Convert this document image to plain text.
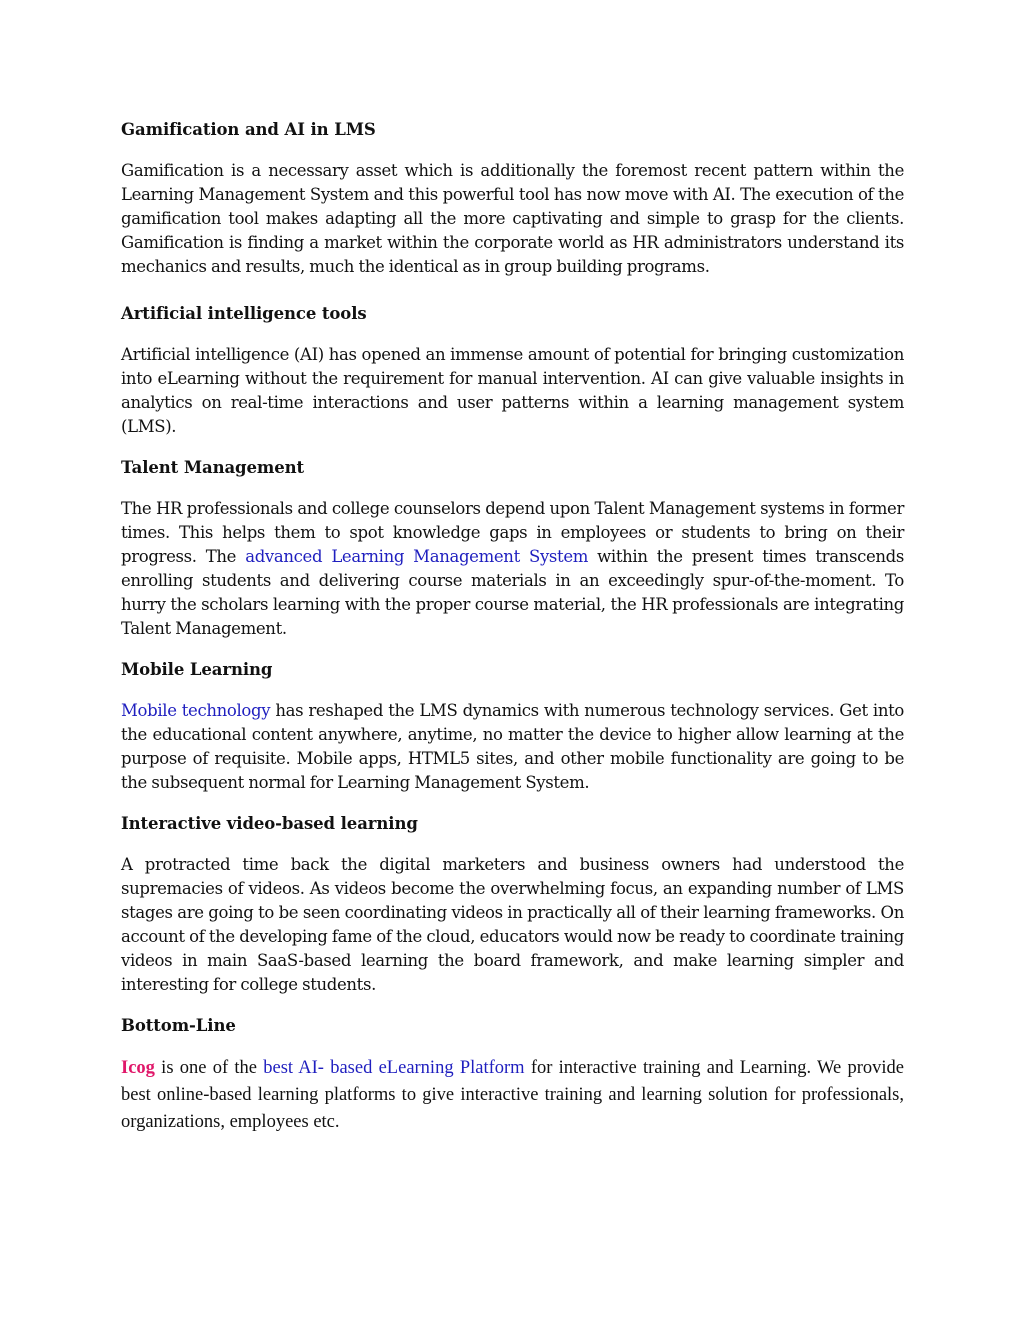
Gamification and AI in LMS

Gamification is a necessary asset which is additionally the foremost recent pattern within the Learning Management System and this powerful tool has now move with AI. The execution of the gamification tool makes adapting all the more captivating and simple to grasp for the clients. Gamification is finding a market within the corporate world as HR administrators understand its mechanics and results, much the identical as in group building programs.

Artificial intelligence tools

Artificial intelligence (AI) has opened an immense amount of potential for bringing customization into eLearning without the requirement for manual intervention. AI can give valuable insights in analytics on real-time interactions and user patterns within a learning management system (LMS).

Talent Management

The HR professionals and college counselors depend upon Talent Management systems in former times. This helps them to spot knowledge gaps in employees or students to bring on their progress. The advanced Learning Management System within the present times transcends enrolling students and delivering course materials in an exceedingly spur-of-the-moment. To hurry the scholars learning with the proper course material, the HR professionals are integrating Talent Management.

Mobile Learning

Mobile technology has reshaped the LMS dynamics with numerous technology services. Get into the educational content anywhere, anytime, no matter the device to higher allow learning at the purpose of requisite. Mobile apps, HTML5 sites, and other mobile functionality are going to be the subsequent normal for Learning Management System.

Interactive video-based learning

A protracted time back the digital marketers and business owners had understood the supremacies of videos. As videos become the overwhelming focus, an expanding number of LMS stages are going to be seen coordinating videos in practically all of their learning frameworks. On account of the developing fame of the cloud, educators would now be ready to coordinate training videos in main SaaS-based learning the board framework, and make learning simpler and interesting for college students.

Bottom-Line

Icog is one of the best AI- based eLearning Platform for interactive training and Learning. We provide best online-based learning platforms to give interactive training and learning solution for professionals, organizations, employees etc.
